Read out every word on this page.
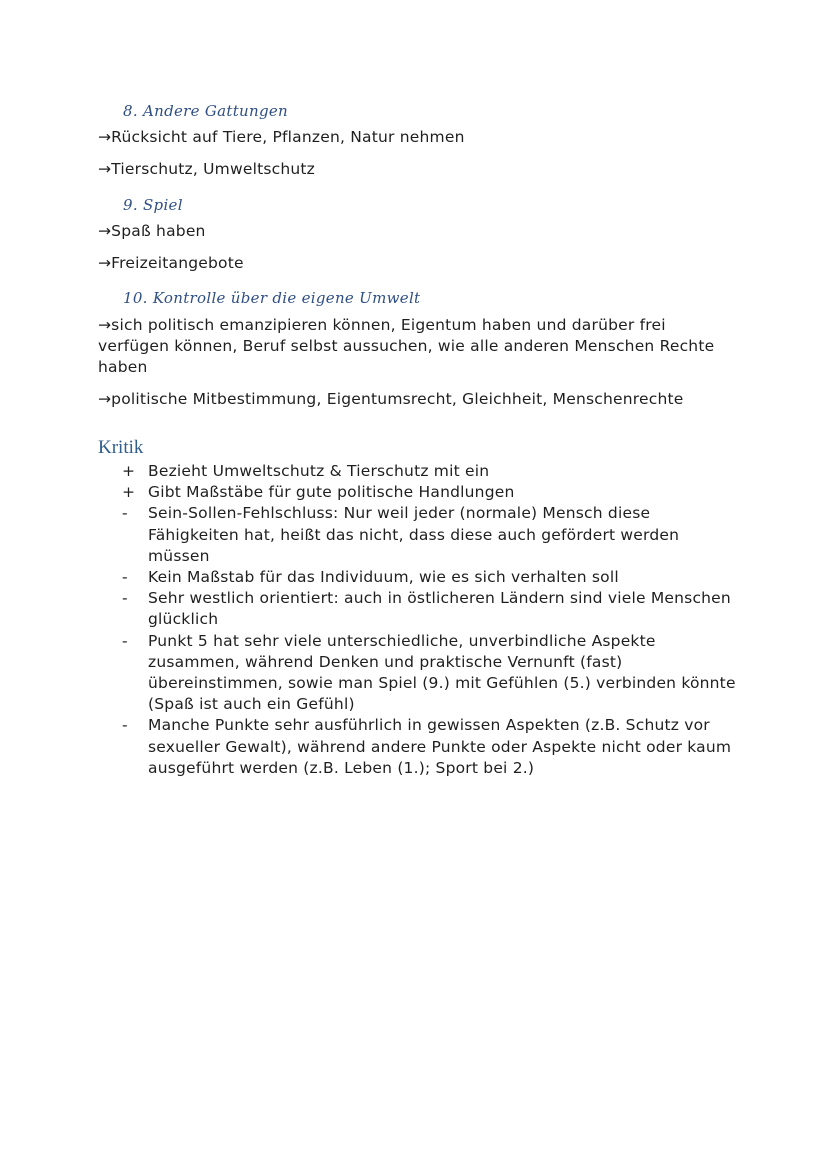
8. Andere Gattungen
→Rücksicht auf Tiere, Pflanzen, Natur nehmen
→Tierschutz, Umweltschutz
9. Spiel
→Spaß haben
→Freizeitangebote
10. Kontrolle über die eigene Umwelt
→sich politisch emanzipieren können, Eigentum haben und darüber frei verfügen können, Beruf selbst aussuchen, wie alle anderen Menschen Rechte haben
→politische Mitbestimmung, Eigentumsrecht, Gleichheit, Menschenrechte
Kritik
+ Bezieht Umweltschutz & Tierschutz mit ein
+ Gibt Maßstäbe für gute politische Handlungen
-	Sein-Sollen-Fehlschluss: Nur weil jeder (normale) Mensch diese Fähigkeiten hat, heißt das nicht, dass diese auch gefördert werden müssen
-	Kein Maßstab für das Individuum, wie es sich verhalten soll
-	Sehr westlich orientiert: auch in östlicheren Ländern sind viele Menschen glücklich
-	Punkt 5 hat sehr viele unterschiedliche, unverbindliche Aspekte zusammen, während Denken und praktische Vernunft (fast) übereinstimmen, sowie man Spiel (9.) mit Gefühlen (5.) verbinden könnte (Spaß ist auch ein Gefühl)
-	Manche Punkte sehr ausführlich in gewissen Aspekten (z.B. Schutz vor sexueller Gewalt), während andere Punkte oder Aspekte nicht oder kaum ausgeführt werden (z.B. Leben (1.); Sport bei 2.)
